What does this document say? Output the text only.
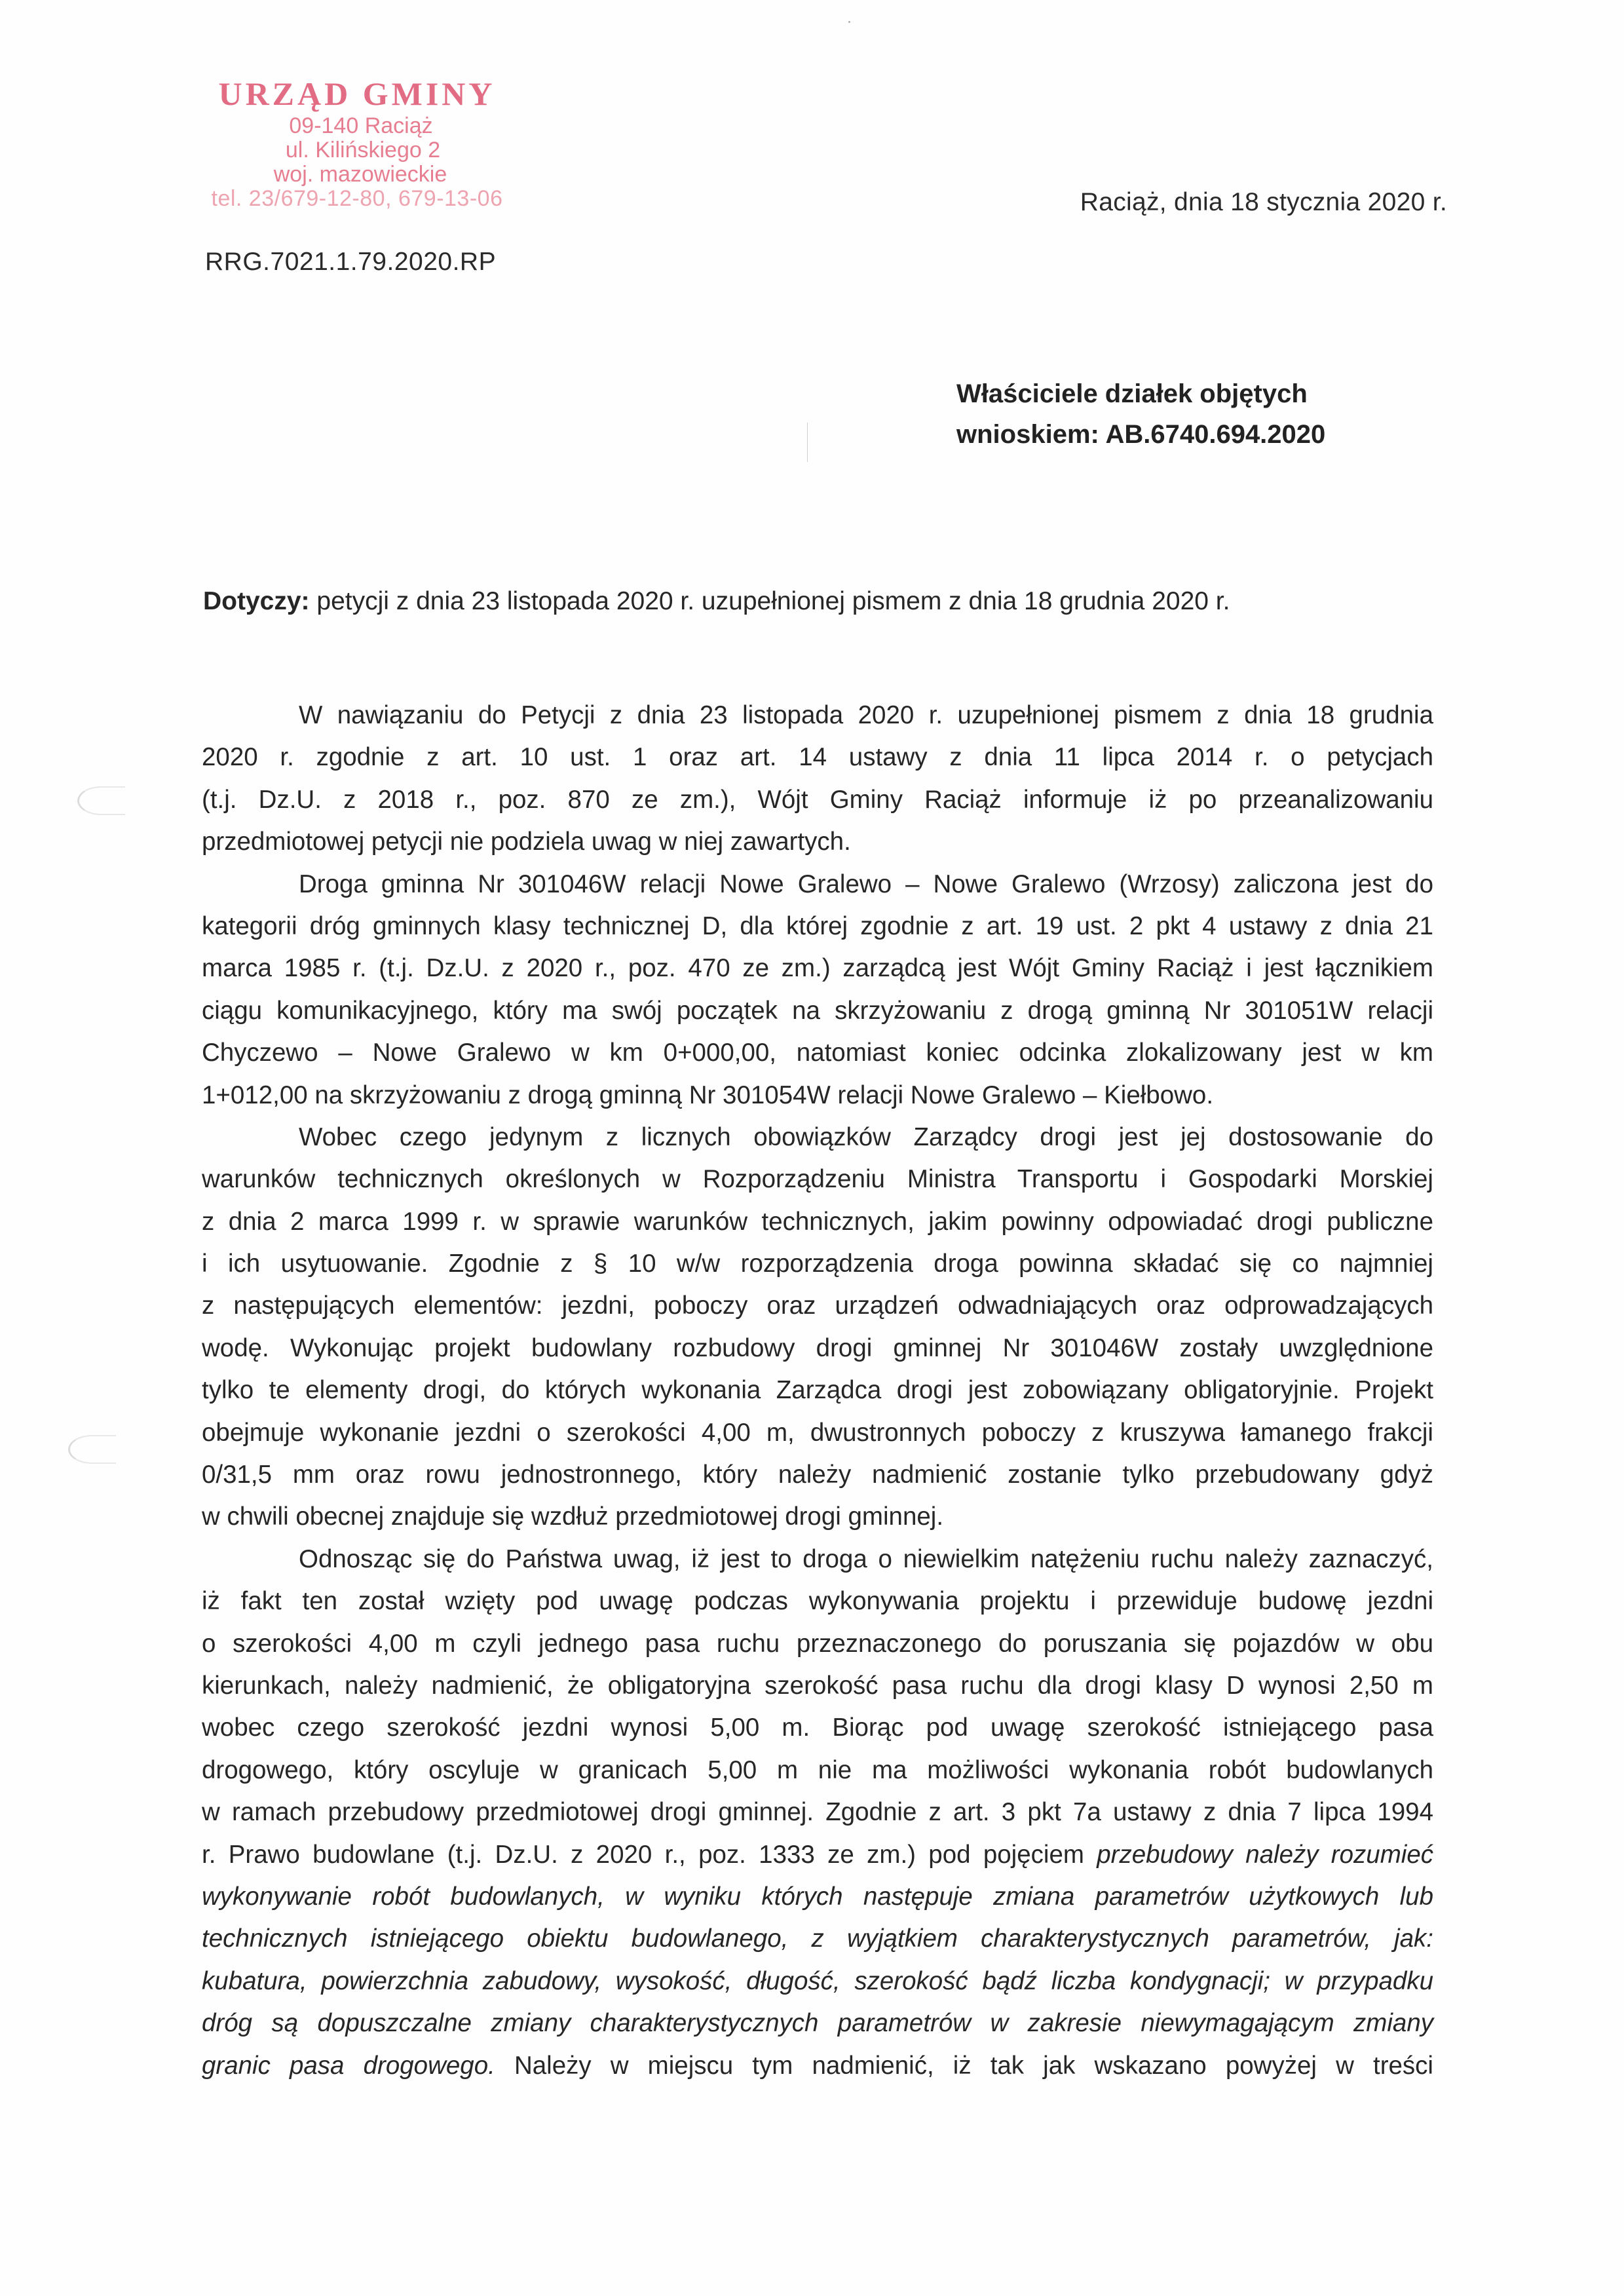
URZĄD GMINY
09-140 Raciąż
ul. Kilińskiego 2
woj. mazowieckie
tel. 23/679-12-80, 679-13-06	Raciąż, dnia 18 stycznia 2020 r.
RRG.7021.1.79.2020.RP
Właściciele działek objętych
wnioskiem: AB.6740.694.2020
Dotyczy: petycji z dnia 23 listopada 2020 r. uzupełnionej pismem z dnia 18 grudnia 2020 r.
W nawiązaniu do Petycji z dnia 23 listopada 2020 r. uzupełnionej pismem z dnia 18 grudnia
2020 r. zgodnie z art. 10 ust. 1 oraz art. 14 ustawy z dnia 11 lipca 2014 r. o petycjach
(t.j. Dz.U. z 2018 r., poz. 870 ze zm.), Wójt Gminy Raciąż informuje iż po przeanalizowaniu
przedmiotowej petycji nie podziela uwag w niej zawartych.
Droga gminna Nr 301046W relacji Nowe Gralewo – Nowe Gralewo (Wrzosy) zaliczona jest do
kategorii dróg gminnych klasy technicznej D, dla której zgodnie z art. 19 ust. 2 pkt 4 ustawy z dnia 21
marca 1985 r. (t.j. Dz.U. z 2020 r., poz. 470 ze zm.) zarządcą jest Wójt Gminy Raciąż i jest łącznikiem
ciągu komunikacyjnego, który ma swój początek na skrzyżowaniu z drogą gminną Nr 301051W relacji
Chyczewo – Nowe Gralewo w km 0+000,00, natomiast koniec odcinka zlokalizowany jest w km
1+012,00 na skrzyżowaniu z drogą gminną Nr 301054W relacji Nowe Gralewo – Kiełbowo.
Wobec czego jedynym z licznych obowiązków Zarządcy drogi jest jej dostosowanie do
warunków technicznych określonych w Rozporządzeniu Ministra Transportu i Gospodarki Morskiej
z dnia 2 marca 1999 r. w sprawie warunków technicznych, jakim powinny odpowiadać drogi publiczne
i ich usytuowanie. Zgodnie z § 10 w/w rozporządzenia droga powinna składać się co najmniej
z następujących elementów: jezdni, poboczy oraz urządzeń odwadniających oraz odprowadzających
wodę. Wykonując projekt budowlany rozbudowy drogi gminnej Nr 301046W zostały uwzględnione
tylko te elementy drogi, do których wykonania Zarządca drogi jest zobowiązany obligatoryjnie. Projekt
obejmuje wykonanie jezdni o szerokości 4,00 m, dwustronnych poboczy z kruszywa łamanego frakcji
0/31,5 mm oraz rowu jednostronnego, który należy nadmienić zostanie tylko przebudowany gdyż
w chwili obecnej znajduje się wzdłuż przedmiotowej drogi gminnej.
Odnosząc się do Państwa uwag, iż jest to droga o niewielkim natężeniu ruchu należy zaznaczyć,
iż fakt ten został wzięty pod uwagę podczas wykonywania projektu i przewiduje budowę jezdni
o szerokości 4,00 m czyli jednego pasa ruchu przeznaczonego do poruszania się pojazdów w obu
kierunkach, należy nadmienić, że obligatoryjna szerokość pasa ruchu dla drogi klasy D wynosi 2,50 m
wobec czego szerokość jezdni wynosi 5,00 m. Biorąc pod uwagę szerokość istniejącego pasa
drogowego, który oscyluje w granicach 5,00 m nie ma możliwości wykonania robót budowlanych
w ramach przebudowy przedmiotowej drogi gminnej. Zgodnie z art. 3 pkt 7a ustawy z dnia 7 lipca 1994
r. Prawo budowlane (t.j. Dz.U. z 2020 r., poz. 1333 ze zm.) pod pojęciem przebudowy należy rozumieć
wykonywanie robót budowlanych, w wyniku których następuje zmiana parametrów użytkowych lub
technicznych istniejącego obiektu budowlanego, z wyjątkiem charakterystycznych parametrów, jak:
kubatura, powierzchnia zabudowy, wysokość, długość, szerokość bądź liczba kondygnacji; w przypadku
dróg są dopuszczalne zmiany charakterystycznych parametrów w zakresie niewymagającym zmiany
granic pasa drogowego. Należy w miejscu tym nadmienić, iż tak jak wskazano powyżej w treści
